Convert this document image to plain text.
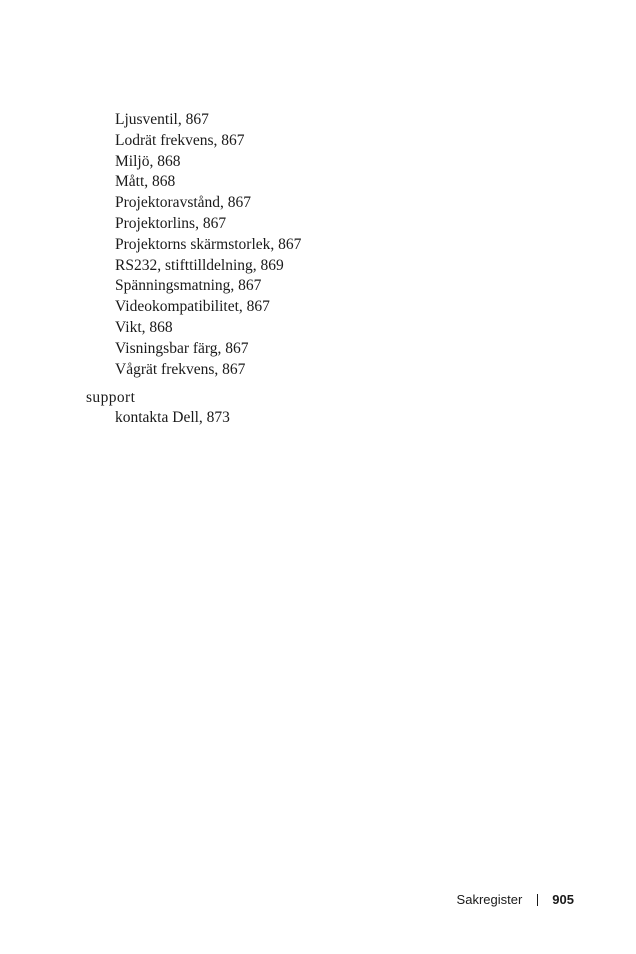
Ljusventil, 867
Lodrät frekvens, 867
Miljö, 868
Mått, 868
Projektoravstånd, 867
Projektorlins, 867
Projektorns skärmstorlek, 867
RS232, stifttilldelning, 869
Spänningsmatning, 867
Videokompatibilitet, 867
Vikt, 868
Visningsbar färg, 867
Vågrät frekvens, 867
support
kontakta Dell, 873
Sakregister 905
